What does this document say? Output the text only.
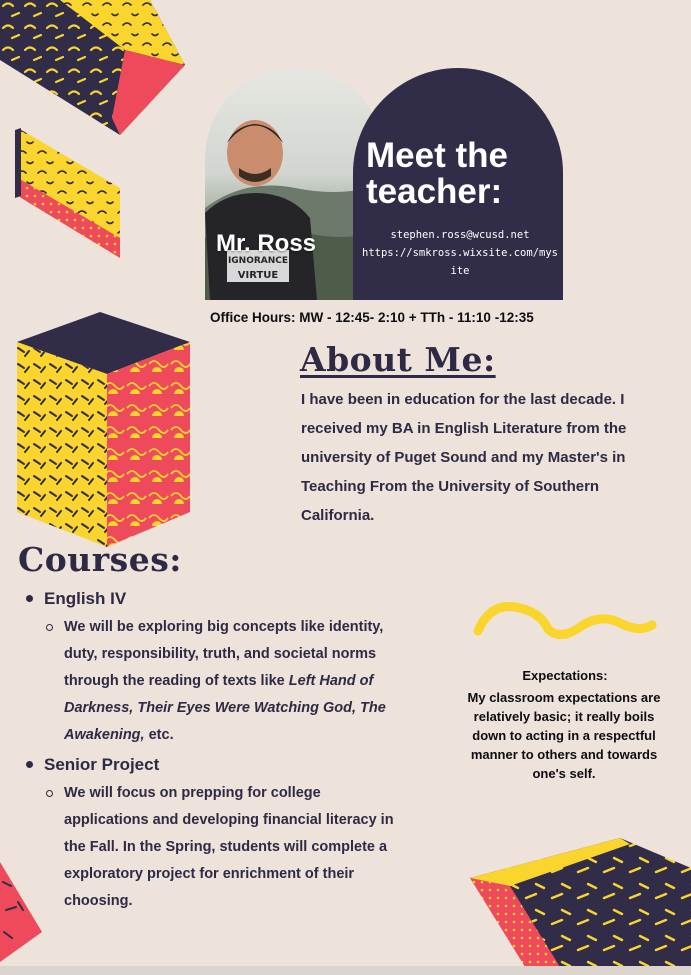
IGNORANCE
VIRTUE
Meet the teacher:
Mr. Ross	stephen.ross@wcusd.net
https://smkross.wixsite.com/mysite
Office Hours: MW - 12:45- 2:10 + TTh - 11:10 -12:35
About Me:
I have been in education for the last decade. I received my BA in English Literature from the university of Puget Sound and my Master's in Teaching From the University of Southern California.
Courses:
English IV
We will be exploring big concepts like identity, duty, responsibility, truth, and societal norms through the reading of texts like Left Hand of Darkness, Their Eyes Were Watching God, The Awakening, etc.
Senior Project
We will focus on prepping for college applications and developing financial literacy in the Fall. In the Spring, students will complete a exploratory project for enrichment of their choosing.
Expectations:
My classroom expectations are relatively basic; it really boils down to acting in a respectful manner to others and towards one's self.
